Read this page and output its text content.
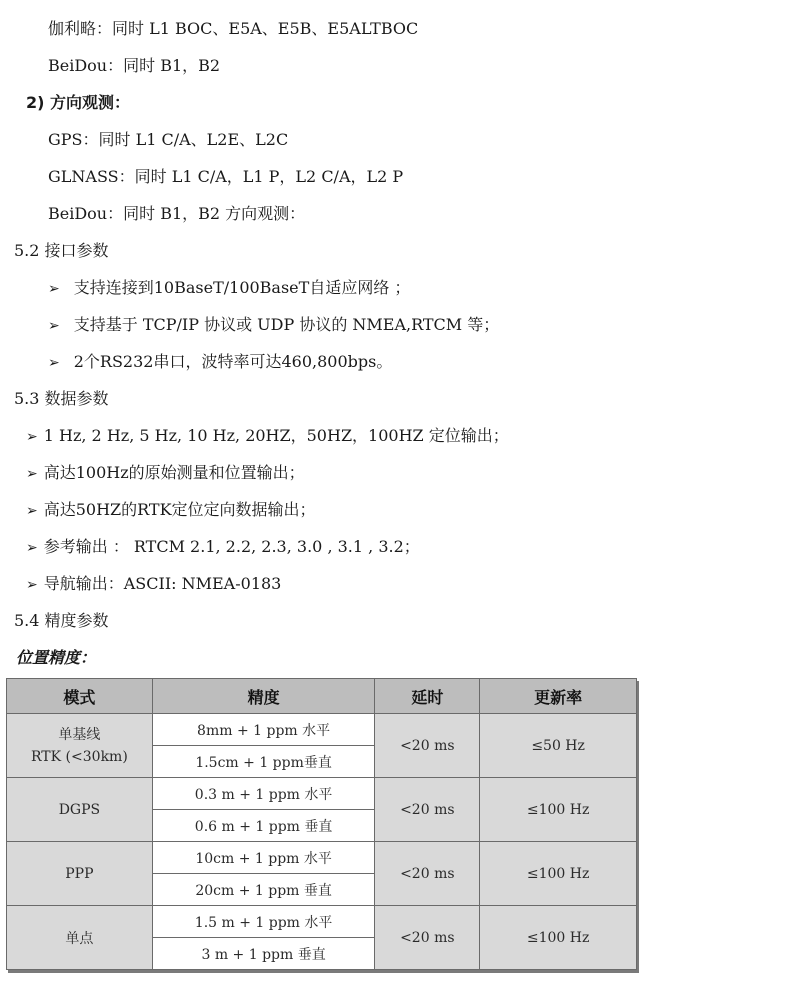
伽利略：同时 L1 BOC、E5A、E5B、E5ALTBOC
BeiDou：同时 B1，B2
2) 方向观测：
GPS：同时 L1 C/A、L2E、L2C
GLNASS：同时 L1 C/A，L1 P，L2 C/A，L2 P
BeiDou：同时 B1，B2 方向观测：
5.2 接口参数
➢ 支持连接到10BaseT/100BaseT自适应网络 ；
➢ 支持基于 TCP/IP 协议或 UDP 协议的 NMEA,RTCM 等；
➢ 2个RS232串口，波特率可达460,800bps。
5.3 数据参数
➢ 1 Hz, 2 Hz, 5 Hz, 10 Hz, 20HZ，50HZ，100HZ 定位输出；
➢ 高达100Hz的原始测量和位置输出；
➢ 高达50HZ的RTK定位定向数据输出；
➢ 参考输出 ： RTCM 2.1, 2.2, 2.3, 3.0 , 3.1 , 3.2；
➢ 导航输出：ASCII: NMEA-0183
5.4 精度参数
位置精度：
模式	精度	延时	更新率

单基线
RTK (<30km)	8mm + 1 ppm 水平	<20 ms	≤50 Hz
	1.5cm + 1 ppm垂直		
DGPS	0.3 m + 1 ppm 水平	<20 ms	≤100 Hz
	0.6 m + 1 ppm 垂直		
PPP	10cm + 1 ppm 水平	<20 ms	≤100 Hz
	20cm + 1 ppm 垂直		
单点	1.5 m + 1 ppm 水平	<20 ms	≤100 Hz
	3 m + 1 ppm 垂直		
